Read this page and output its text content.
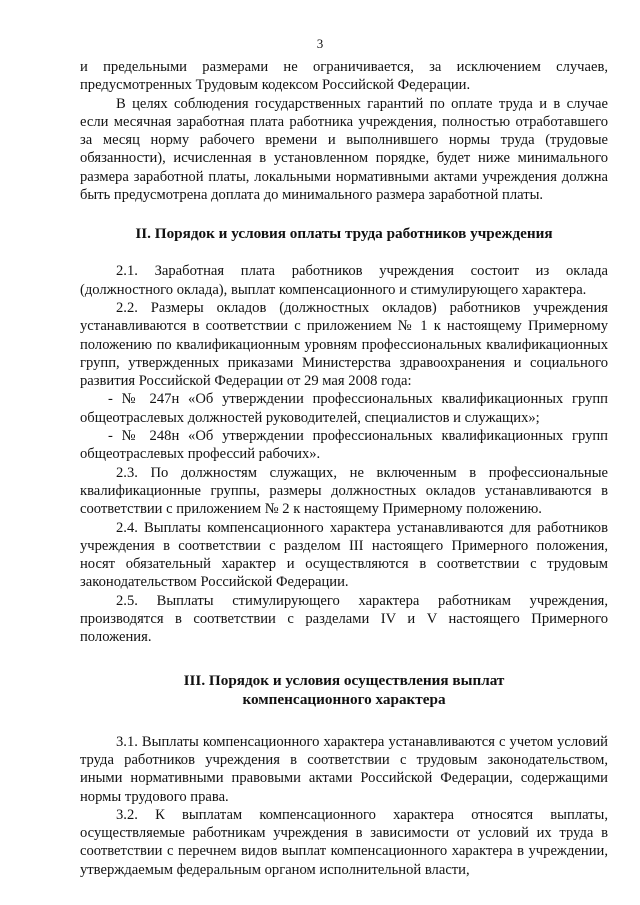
3

и предельными размерами не ограничивается, за исключением случаев, предусмотренных Трудовым кодексом Российской Федерации.

В целях соблюдения государственных гарантий по оплате труда и в случае если месячная заработная плата работника учреждения, полностью отработавшего за месяц норму рабочего времени и выполнившего нормы труда (трудовые обязанности), исчисленная в установленном порядке, будет ниже минимального размера заработной платы, локальными нормативными актами учреждения должна быть предусмотрена доплата до минимального размера заработной платы.

II. Порядок и условия оплаты труда работников учреждения

2.1. Заработная плата работников учреждения состоит из оклада (должностного оклада), выплат компенсационного и стимулирующего характера.

2.2. Размеры окладов (должностных окладов) работников учреждения устанавливаются в соответствии с приложением № 1 к настоящему Примерному положению по квалификационным уровням профессиональных квалификационных групп, утвержденных приказами Министерства здравоохранения и социального развития Российской Федерации от 29 мая 2008 года:

- № 247н «Об утверждении профессиональных квалификационных групп общеотраслевых должностей руководителей, специалистов и служащих»;

- № 248н «Об утверждении профессиональных квалификационных групп общеотраслевых профессий рабочих».

2.3. По должностям служащих, не включенным в профессиональные квалификационные группы, размеры должностных окладов устанавливаются в соответствии с приложением № 2 к настоящему Примерному положению.

2.4. Выплаты компенсационного характера устанавливаются для работников учреждения в соответствии с разделом III настоящего Примерного положения, носят обязательный характер и осуществляются в соответствии с трудовым законодательством Российской Федерации.

2.5. Выплаты стимулирующего характера работникам учреждения, производятся в соответствии с разделами IV и V настоящего Примерного положения.

III. Порядок и условия осуществления выплат
компенсационного характера

3.1. Выплаты компенсационного характера устанавливаются с учетом условий труда работников учреждения в соответствии с трудовым законодательством, иными нормативными правовыми актами Российской Федерации, содержащими нормы трудового права.

3.2. К выплатам компенсационного характера относятся выплаты, осуществляемые работникам учреждения в зависимости от условий их труда в соответствии с перечнем видов выплат компенсационного характера в учреждении, утверждаемым федеральным органом исполнительной власти,
